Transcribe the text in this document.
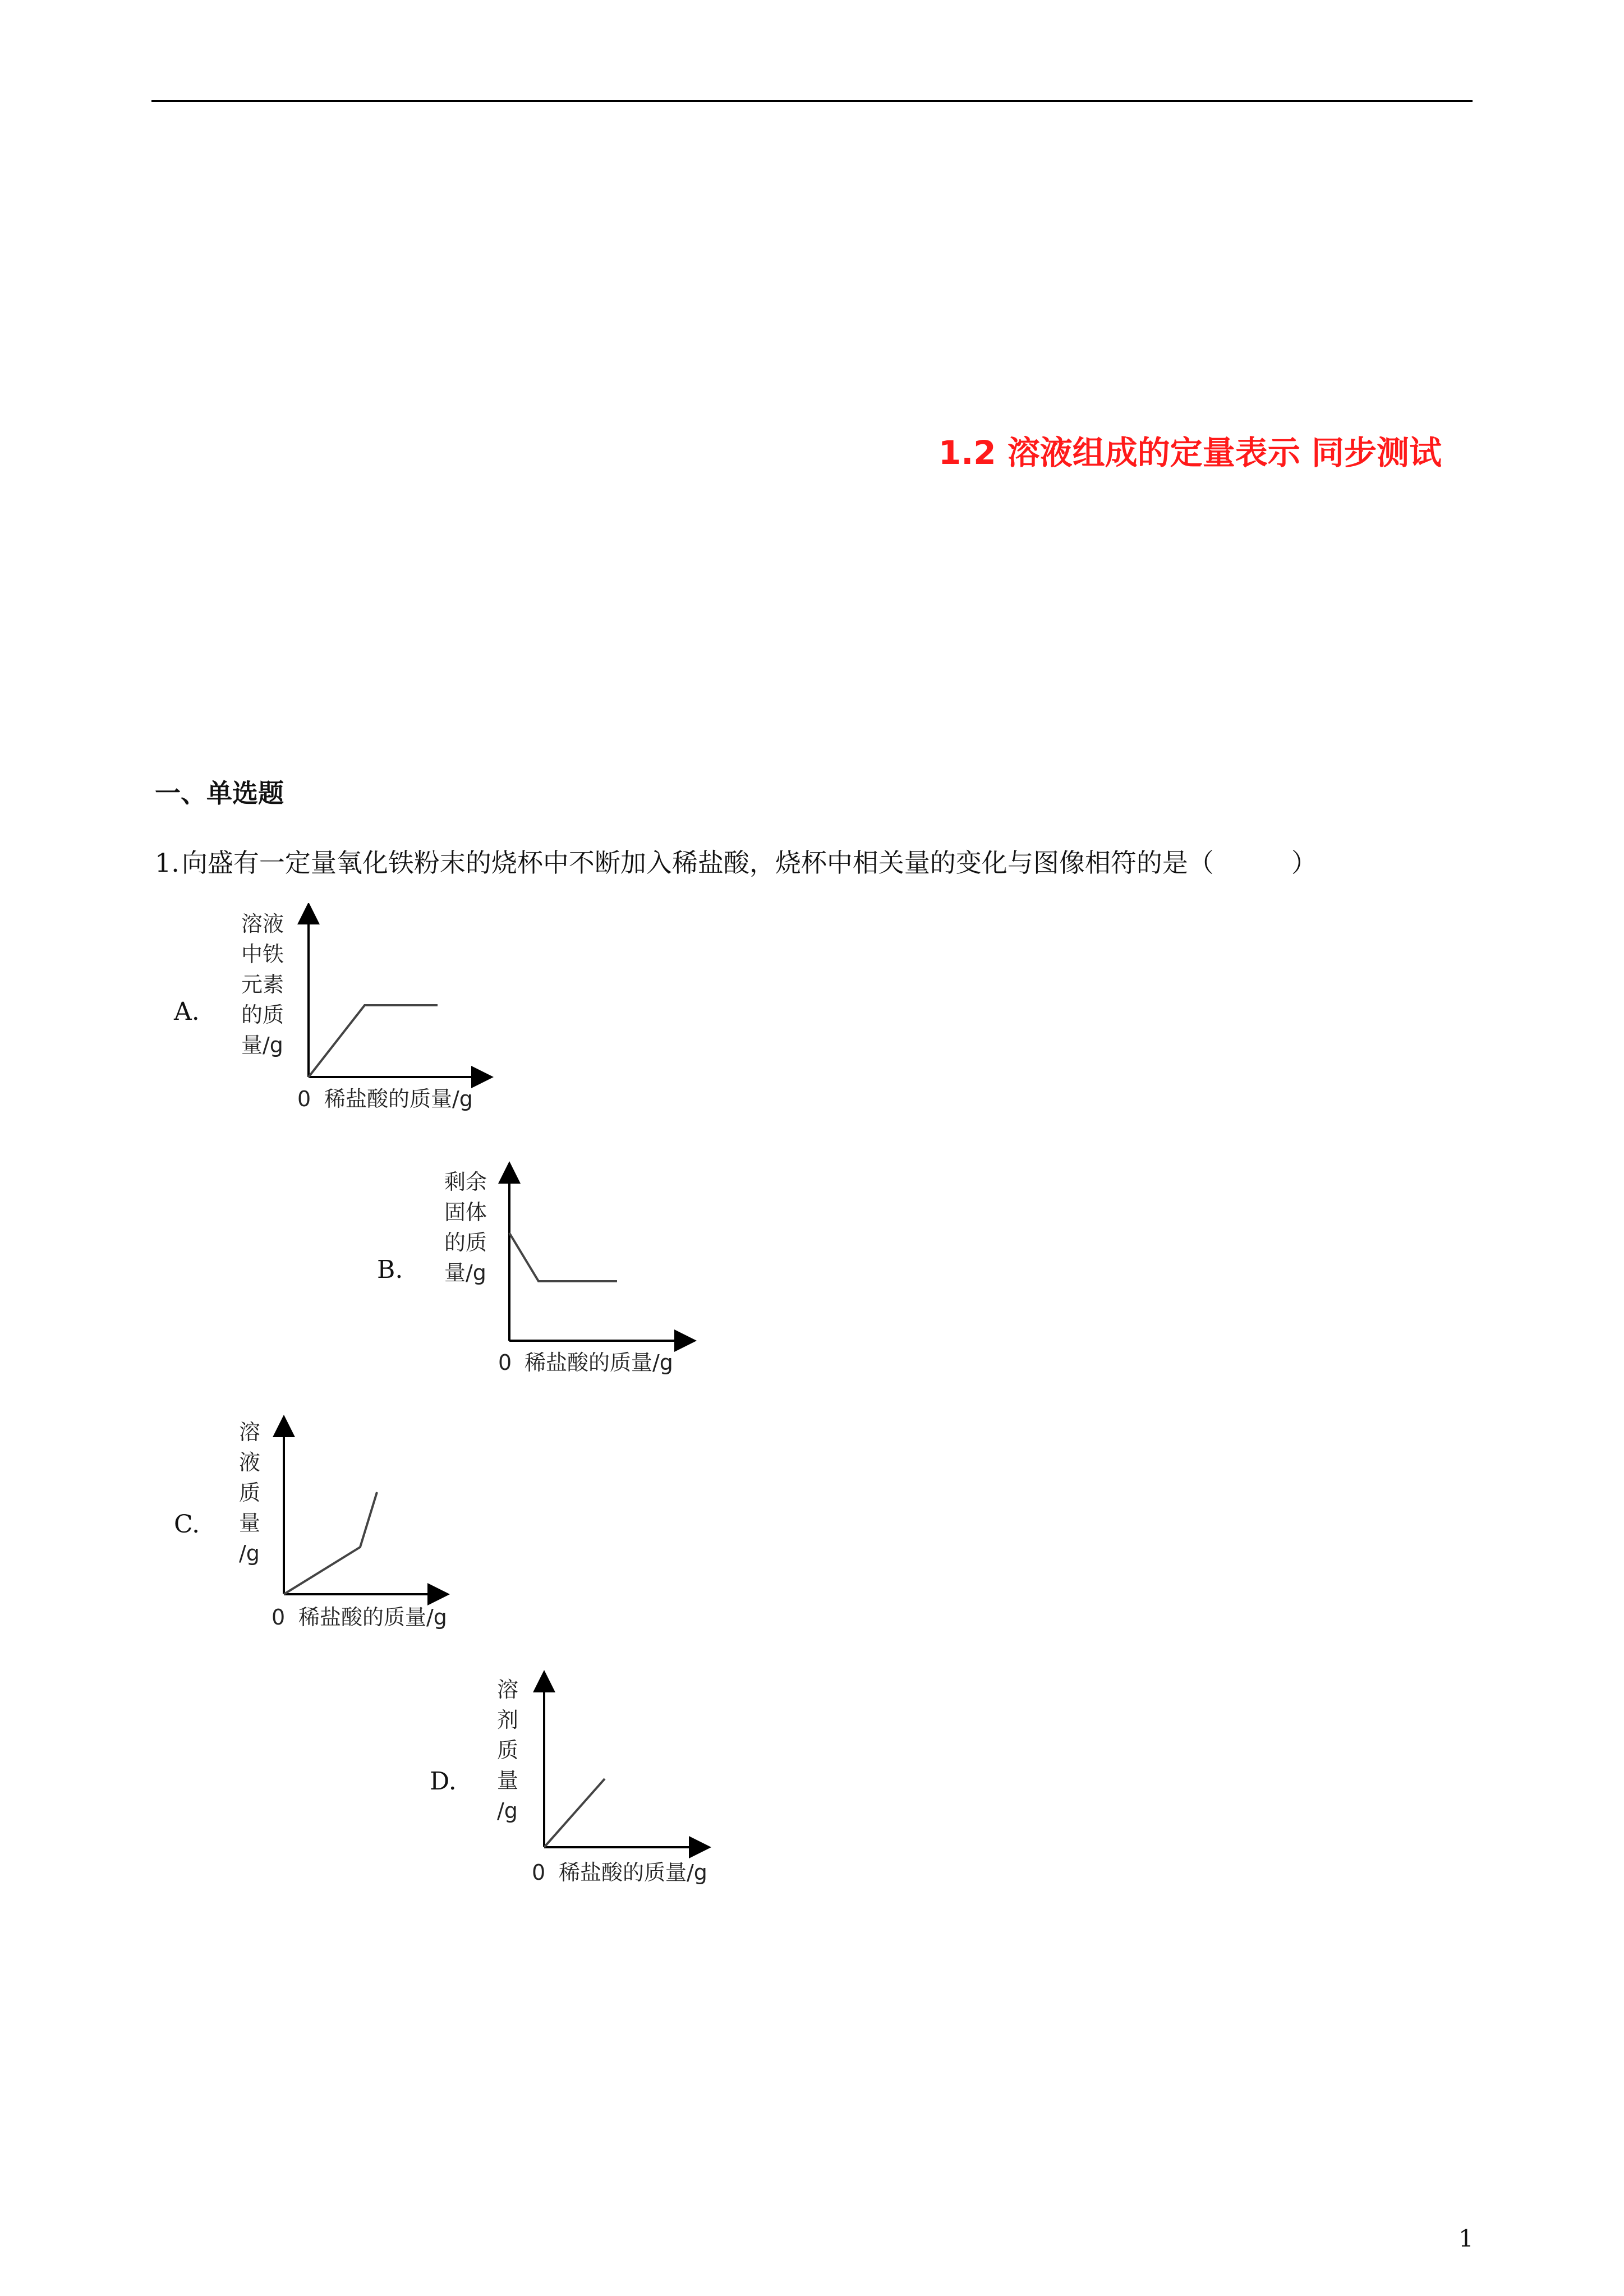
1.2 溶液组成的定量表示 同步测试
一、单选题
1.向盛有一定量氧化铁粉末的烧杯中不断加入稀盐酸，烧杯中相关量的变化与图像相符的是（　　　）
A.
溶液
中铁
元素
的质
量/g
0 稀盐酸的质量/g
B.
剩余
固体
的质
量/g
0 稀盐酸的质量/g
C.
溶
液
质
量
/g
0 稀盐酸的质量/g
D.
溶
剂
质
量
/g
0 稀盐酸的质量/g
1
